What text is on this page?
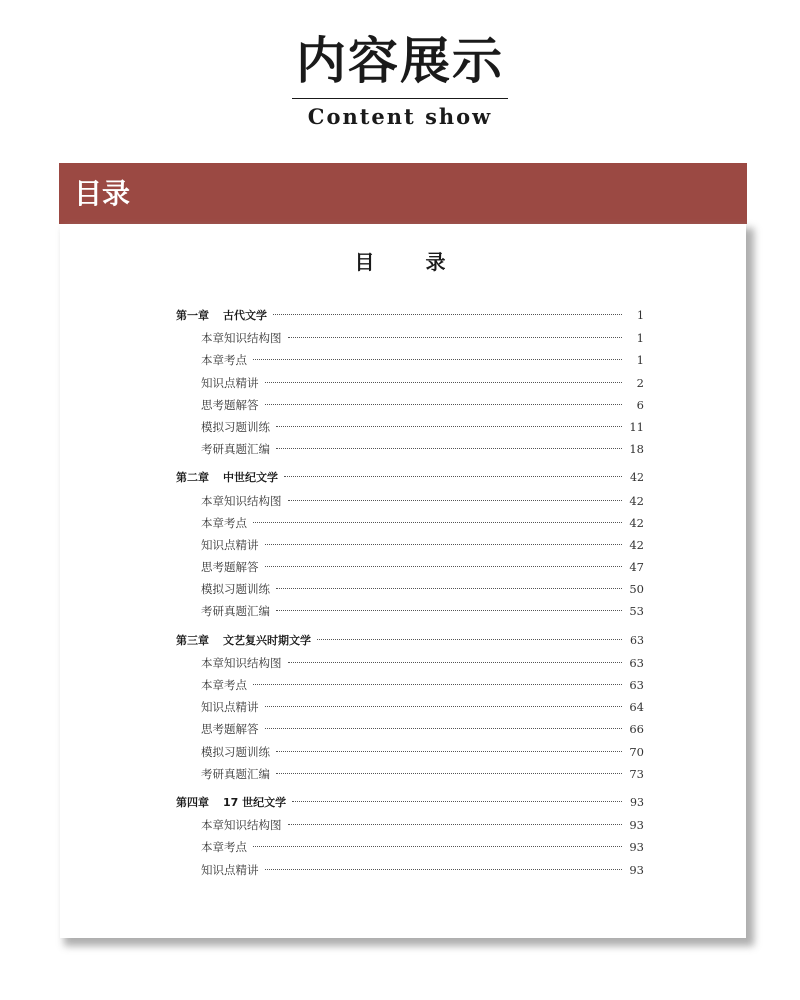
内容展示
Content show
目录
目 录
第一章 古代文学	1
本章知识结构图	1
本章考点	1
知识点精讲	2
思考题解答	6
模拟习题训练	11
考研真题汇编	18
第二章 中世纪文学	42
本章知识结构图	42
本章考点	42
知识点精讲	42
思考题解答	47
模拟习题训练	50
考研真题汇编	53
第三章 文艺复兴时期文学	63
本章知识结构图	63
本章考点	63
知识点精讲	64
思考题解答	66
模拟习题训练	70
考研真题汇编	73
第四章 17 世纪文学	93
本章知识结构图	93
本章考点	93
知识点精讲	93
